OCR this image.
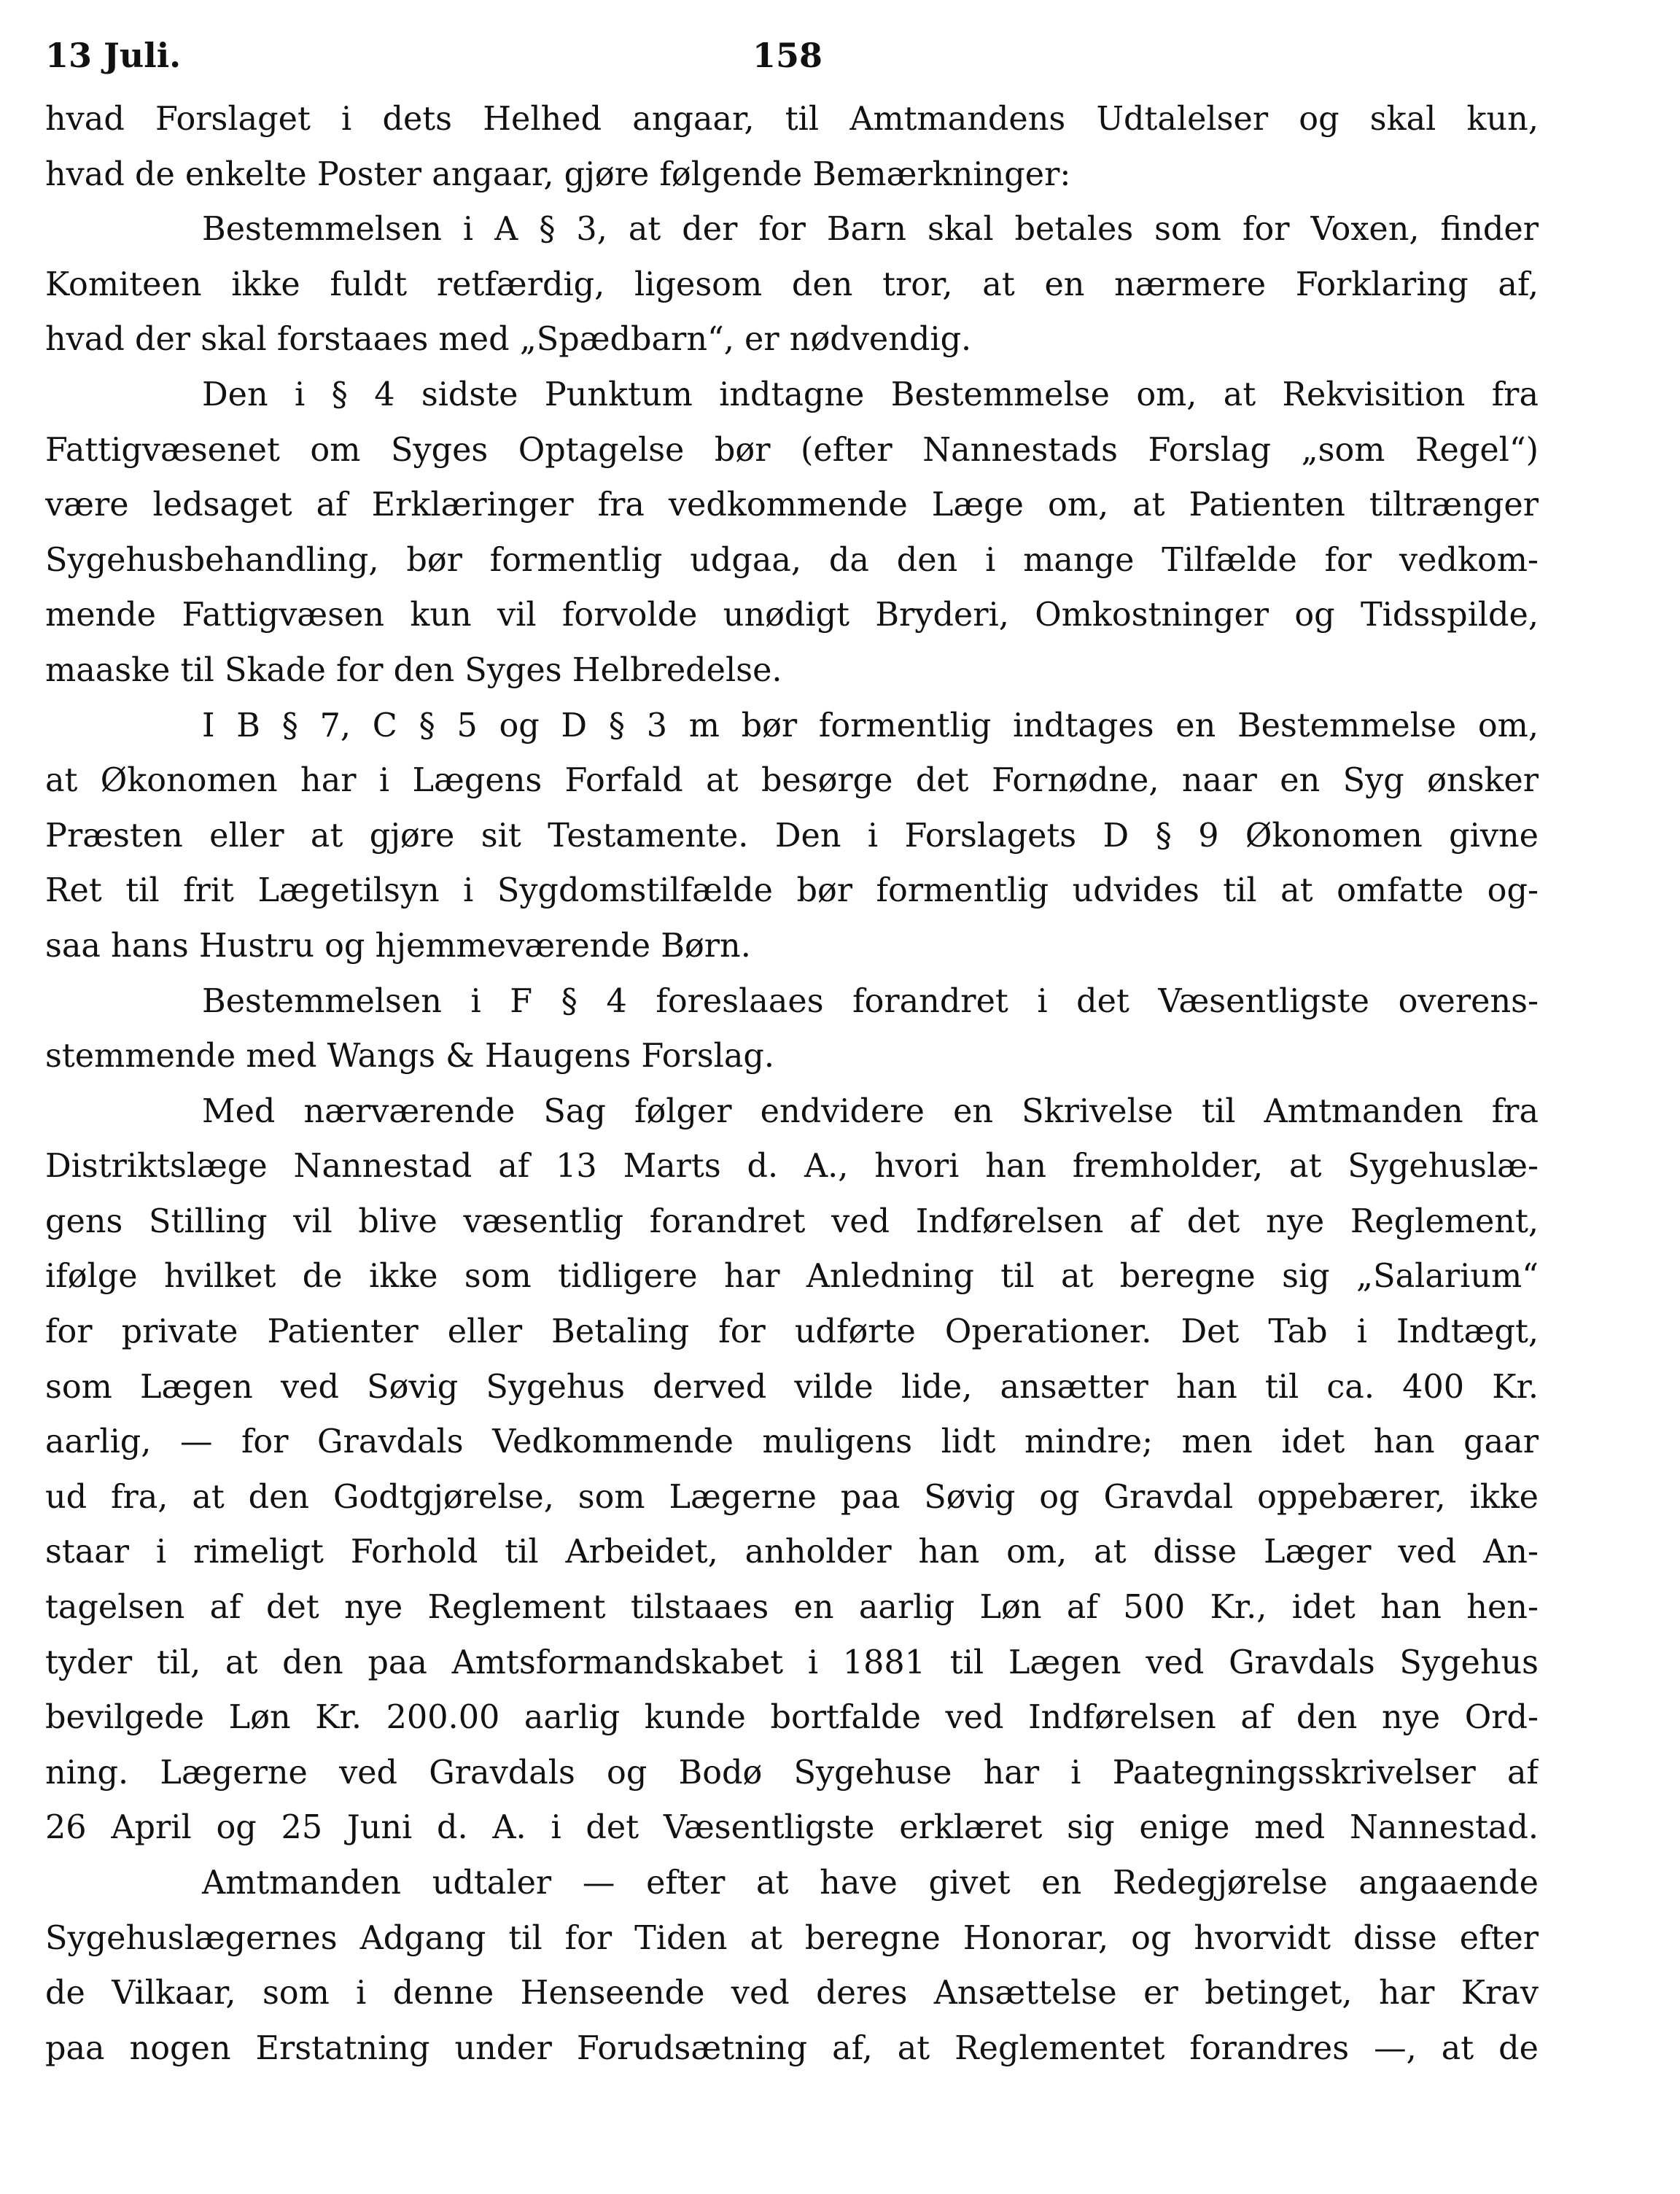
13 Juli.	158
hvad Forslaget i dets Helhed angaar, til Amtmandens Udtalelser og skal kun,
hvad de enkelte Poster angaar, gjøre følgende Bemærkninger:
Bestemmelsen i A § 3, at der for Barn skal betales som for Voxen, finder
Komiteen ikke fuldt retfærdig, ligesom den tror, at en nærmere Forklaring af,
hvad der skal forstaaes med „Spædbarn“, er nødvendig.
Den i § 4 sidste Punktum indtagne Bestemmelse om, at Rekvisition fra
Fattigvæsenet om Syges Optagelse bør (efter Nannestads Forslag „som Regel“)
være ledsaget af Erklæringer fra vedkommende Læge om, at Patienten tiltrænger
Sygehusbehandling, bør formentlig udgaa, da den i mange Tilfælde for vedkom-
mende Fattigvæsen kun vil forvolde unødigt Bryderi, Omkostninger og Tidsspilde,
maaske til Skade for den Syges Helbredelse.
I B § 7, C § 5 og D § 3 m bør formentlig indtages en Bestemmelse om,
at Økonomen har i Lægens Forfald at besørge det Fornødne, naar en Syg ønsker
Præsten eller at gjøre sit Testamente. Den i Forslagets D § 9 Økonomen givne
Ret til frit Lægetilsyn i Sygdomstilfælde bør formentlig udvides til at omfatte og-
saa hans Hustru og hjemmeværende Børn.
Bestemmelsen i F § 4 foreslaaes forandret i det Væsentligste overens-
stemmende med Wangs & Haugens Forslag.
Med nærværende Sag følger endvidere en Skrivelse til Amtmanden fra
Distriktslæge Nannestad af 13 Marts d. A., hvori han fremholder, at Sygehuslæ-
gens Stilling vil blive væsentlig forandret ved Indførelsen af det nye Reglement,
ifølge hvilket de ikke som tidligere har Anledning til at beregne sig „Salarium“
for private Patienter eller Betaling for udførte Operationer. Det Tab i Indtægt,
som Lægen ved Søvig Sygehus derved vilde lide, ansætter han til ca. 400 Kr.
aarlig, — for Gravdals Vedkommende muligens lidt mindre; men idet han gaar
ud fra, at den Godtgjørelse, som Lægerne paa Søvig og Gravdal oppebærer, ikke
staar i rimeligt Forhold til Arbeidet, anholder han om, at disse Læger ved An-
tagelsen af det nye Reglement tilstaaes en aarlig Løn af 500 Kr., idet han hen-
tyder til, at den paa Amtsformandskabet i 1881 til Lægen ved Gravdals Sygehus
bevilgede Løn Kr. 200.00 aarlig kunde bortfalde ved Indførelsen af den nye Ord-
ning. Lægerne ved Gravdals og Bodø Sygehuse har i Paategningsskrivelser af
26 April og 25 Juni d. A. i det Væsentligste erklæret sig enige med Nannestad.
Amtmanden udtaler — efter at have givet en Redegjørelse angaaende
Sygehuslægernes Adgang til for Tiden at beregne Honorar, og hvorvidt disse efter
de Vilkaar, som i denne Henseende ved deres Ansættelse er betinget, har Krav
paa nogen Erstatning under Forudsætning af, at Reglementet forandres —, at de
